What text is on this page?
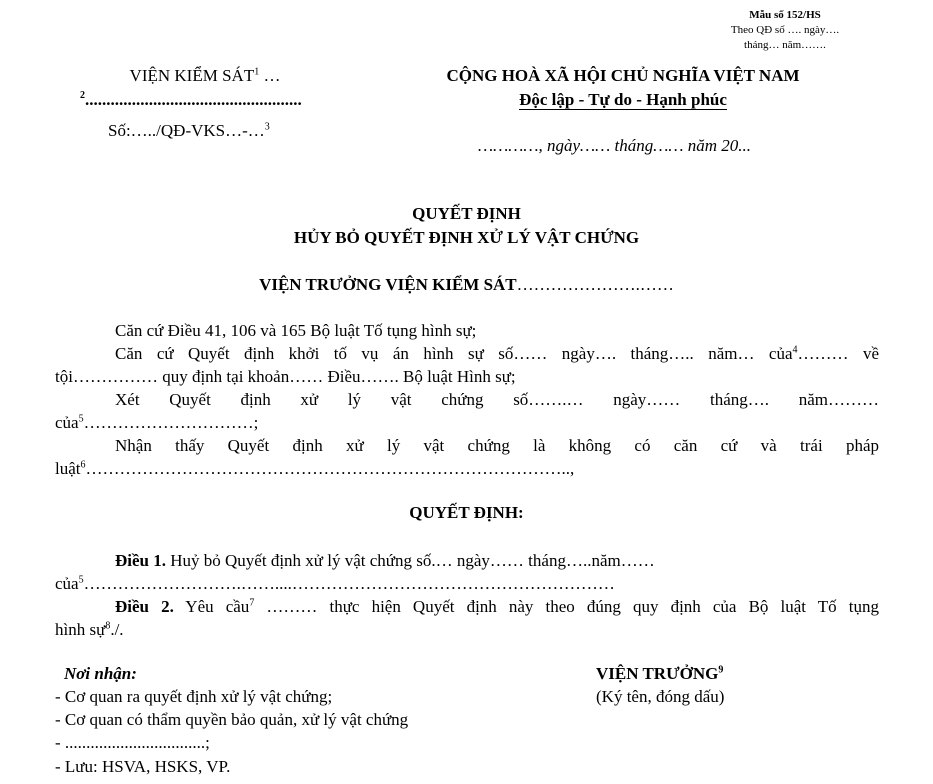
Mẫu số 152/HS
Theo QĐ số …. ngày….
tháng… năm…….
VIỆN KIỂM SÁT$^1$ …
$^2$...................................................
Số:…../QĐ-VKS…-…$^3$
CỘNG HOÀ XÃ HỘI CHỦ NGHĨA VIỆT NAM
Độc lập - Tự do - Hạnh phúc
…………, ngày…… tháng…… năm 20...
QUYẾT ĐỊNH
HỦY BỎ QUYẾT ĐỊNH XỬ LÝ VẬT CHỨNG
VIỆN TRƯỞNG VIỆN KIỂM SÁT………………….……
Căn cứ Điều 41, 106 và 165 Bộ luật Tố tụng hình sự;
Căn cứ Quyết định khởi tố vụ án hình sự số…… ngày…. tháng….. năm… của$^4$……… về
tội…………… quy định tại khoản…… Điều……. Bộ luật Hình sự;
Xét Quyết định xử lý vật chứng số…….… ngày…… tháng…. năm………
của$^5$…………………………;
Nhận thấy Quyết định xử lý vật chứng là không có căn cứ và trái pháp
luật$^6$…………………………………………………………………………..,
QUYẾT ĐỊNH:
Điều 1. Huỷ bỏ Quyết định xử lý vật chứng số.… ngày…… tháng…..năm……
của$^5$……………………….……....…………………………………………………
Điều 2. Yêu cầu$^7$ ……… thực hiện Quyết định này theo đúng quy định của Bộ luật Tố tụng
hình sự$^8$./.
Nơi nhận:
- Cơ quan ra quyết định xử lý vật chứng;
- Cơ quan có thẩm quyền bảo quản, xử lý vật chứng
- .................................;
- Lưu: HSVA, HSKS, VP.
VIỆN TRƯỞNG$^9$
(Ký tên, đóng dấu)
